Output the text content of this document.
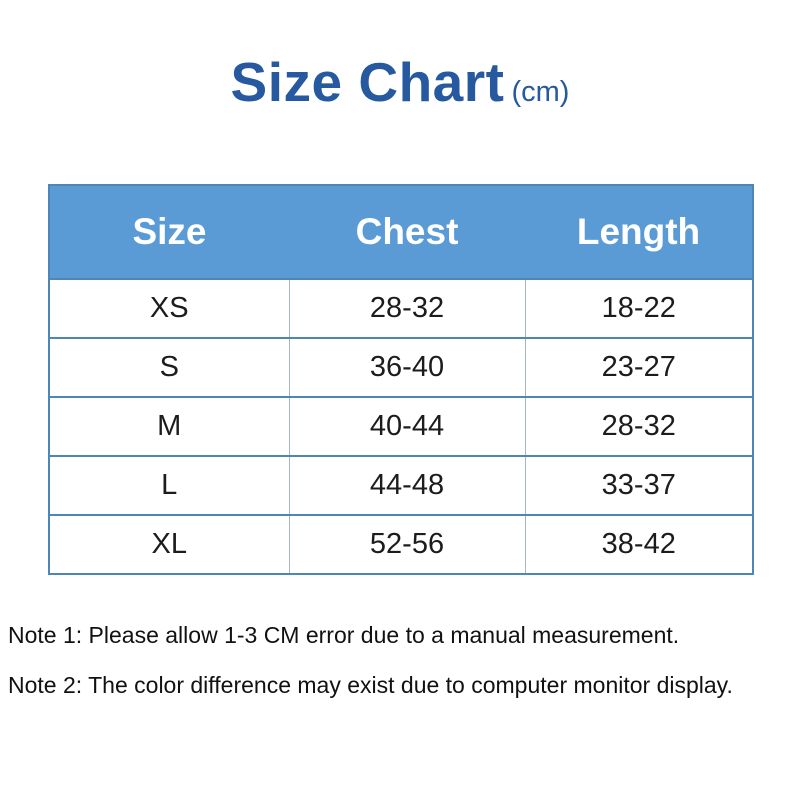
Size Chart (cm)
Size	Chest	Length
XS	28-32	18-22
S	36-40	23-27
M	40-44	28-32
L	44-48	33-37
XL	52-56	38-42
Note 1: Please allow 1-3 CM error due to a manual measurement.
Note 2: The color difference may exist due to computer monitor display.
